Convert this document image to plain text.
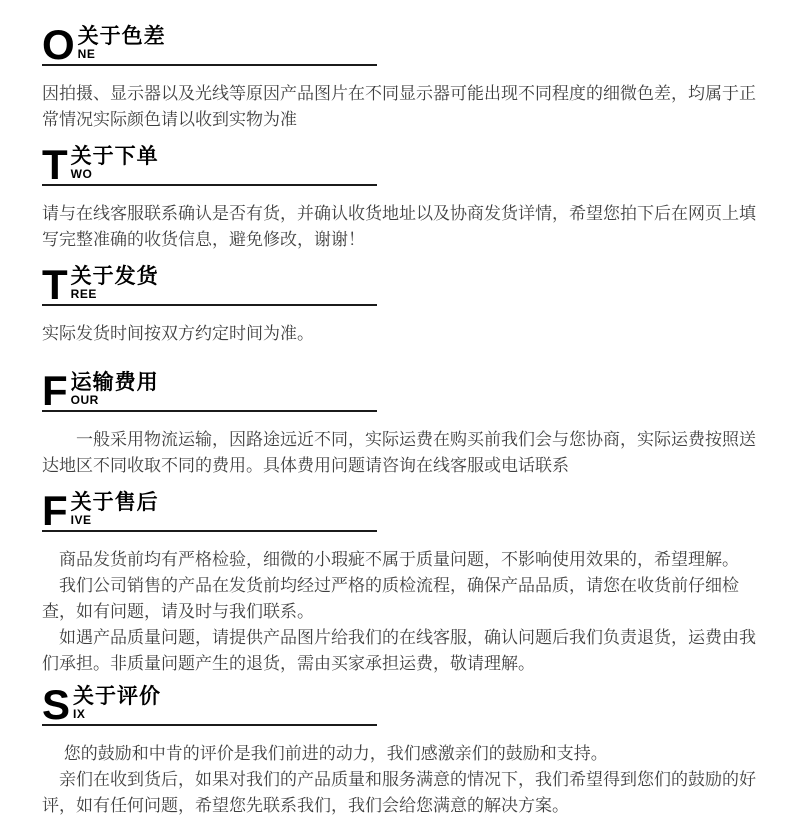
O 关于色差
NE

因拍摄、显示器以及光线等原因产品图片在不同显示器可能出现不同程度的细微色差，均属于正常情况实际颜色请以收到实物为准

T 关于下单
WO

请与在线客服联系确认是否有货，并确认收货地址以及协商发货详情，希望您拍下后在网页上填写完整准确的收货信息，避免修改，谢谢！

T 关于发货
REE

实际发货时间按双方约定时间为准。

F 运输费用
OUR

　　一般采用物流运输，因路途远近不同，实际运费在购买前我们会与您协商，实际运费按照送达地区不同收取不同的费用。具体费用问题请咨询在线客服或电话联系

F 关于售后
IVE

　商品发货前均有严格检验，细微的小瑕疵不属于质量问题，不影响使用效果的，希望理解。

　我们公司销售的产品在发货前均经过严格的质检流程，确保产品品质，请您在收货前仔细检查，如有问题，请及时与我们联系。

　如遇产品质量问题，请提供产品图片给我们的在线客服，确认问题后我们负责退货，运费由我们承担。非质量问题产生的退货，需由买家承担运费，敬请理解。

S 关于评价
IX

　 您的鼓励和中肯的评价是我们前进的动力，我们感激亲们的鼓励和支持。

　亲们在收到货后，如果对我们的产品质量和服务满意的情况下，我们希望得到您们的鼓励的好评，如有任何问题，希望您先联系我们，我们会给您满意的解决方案。
